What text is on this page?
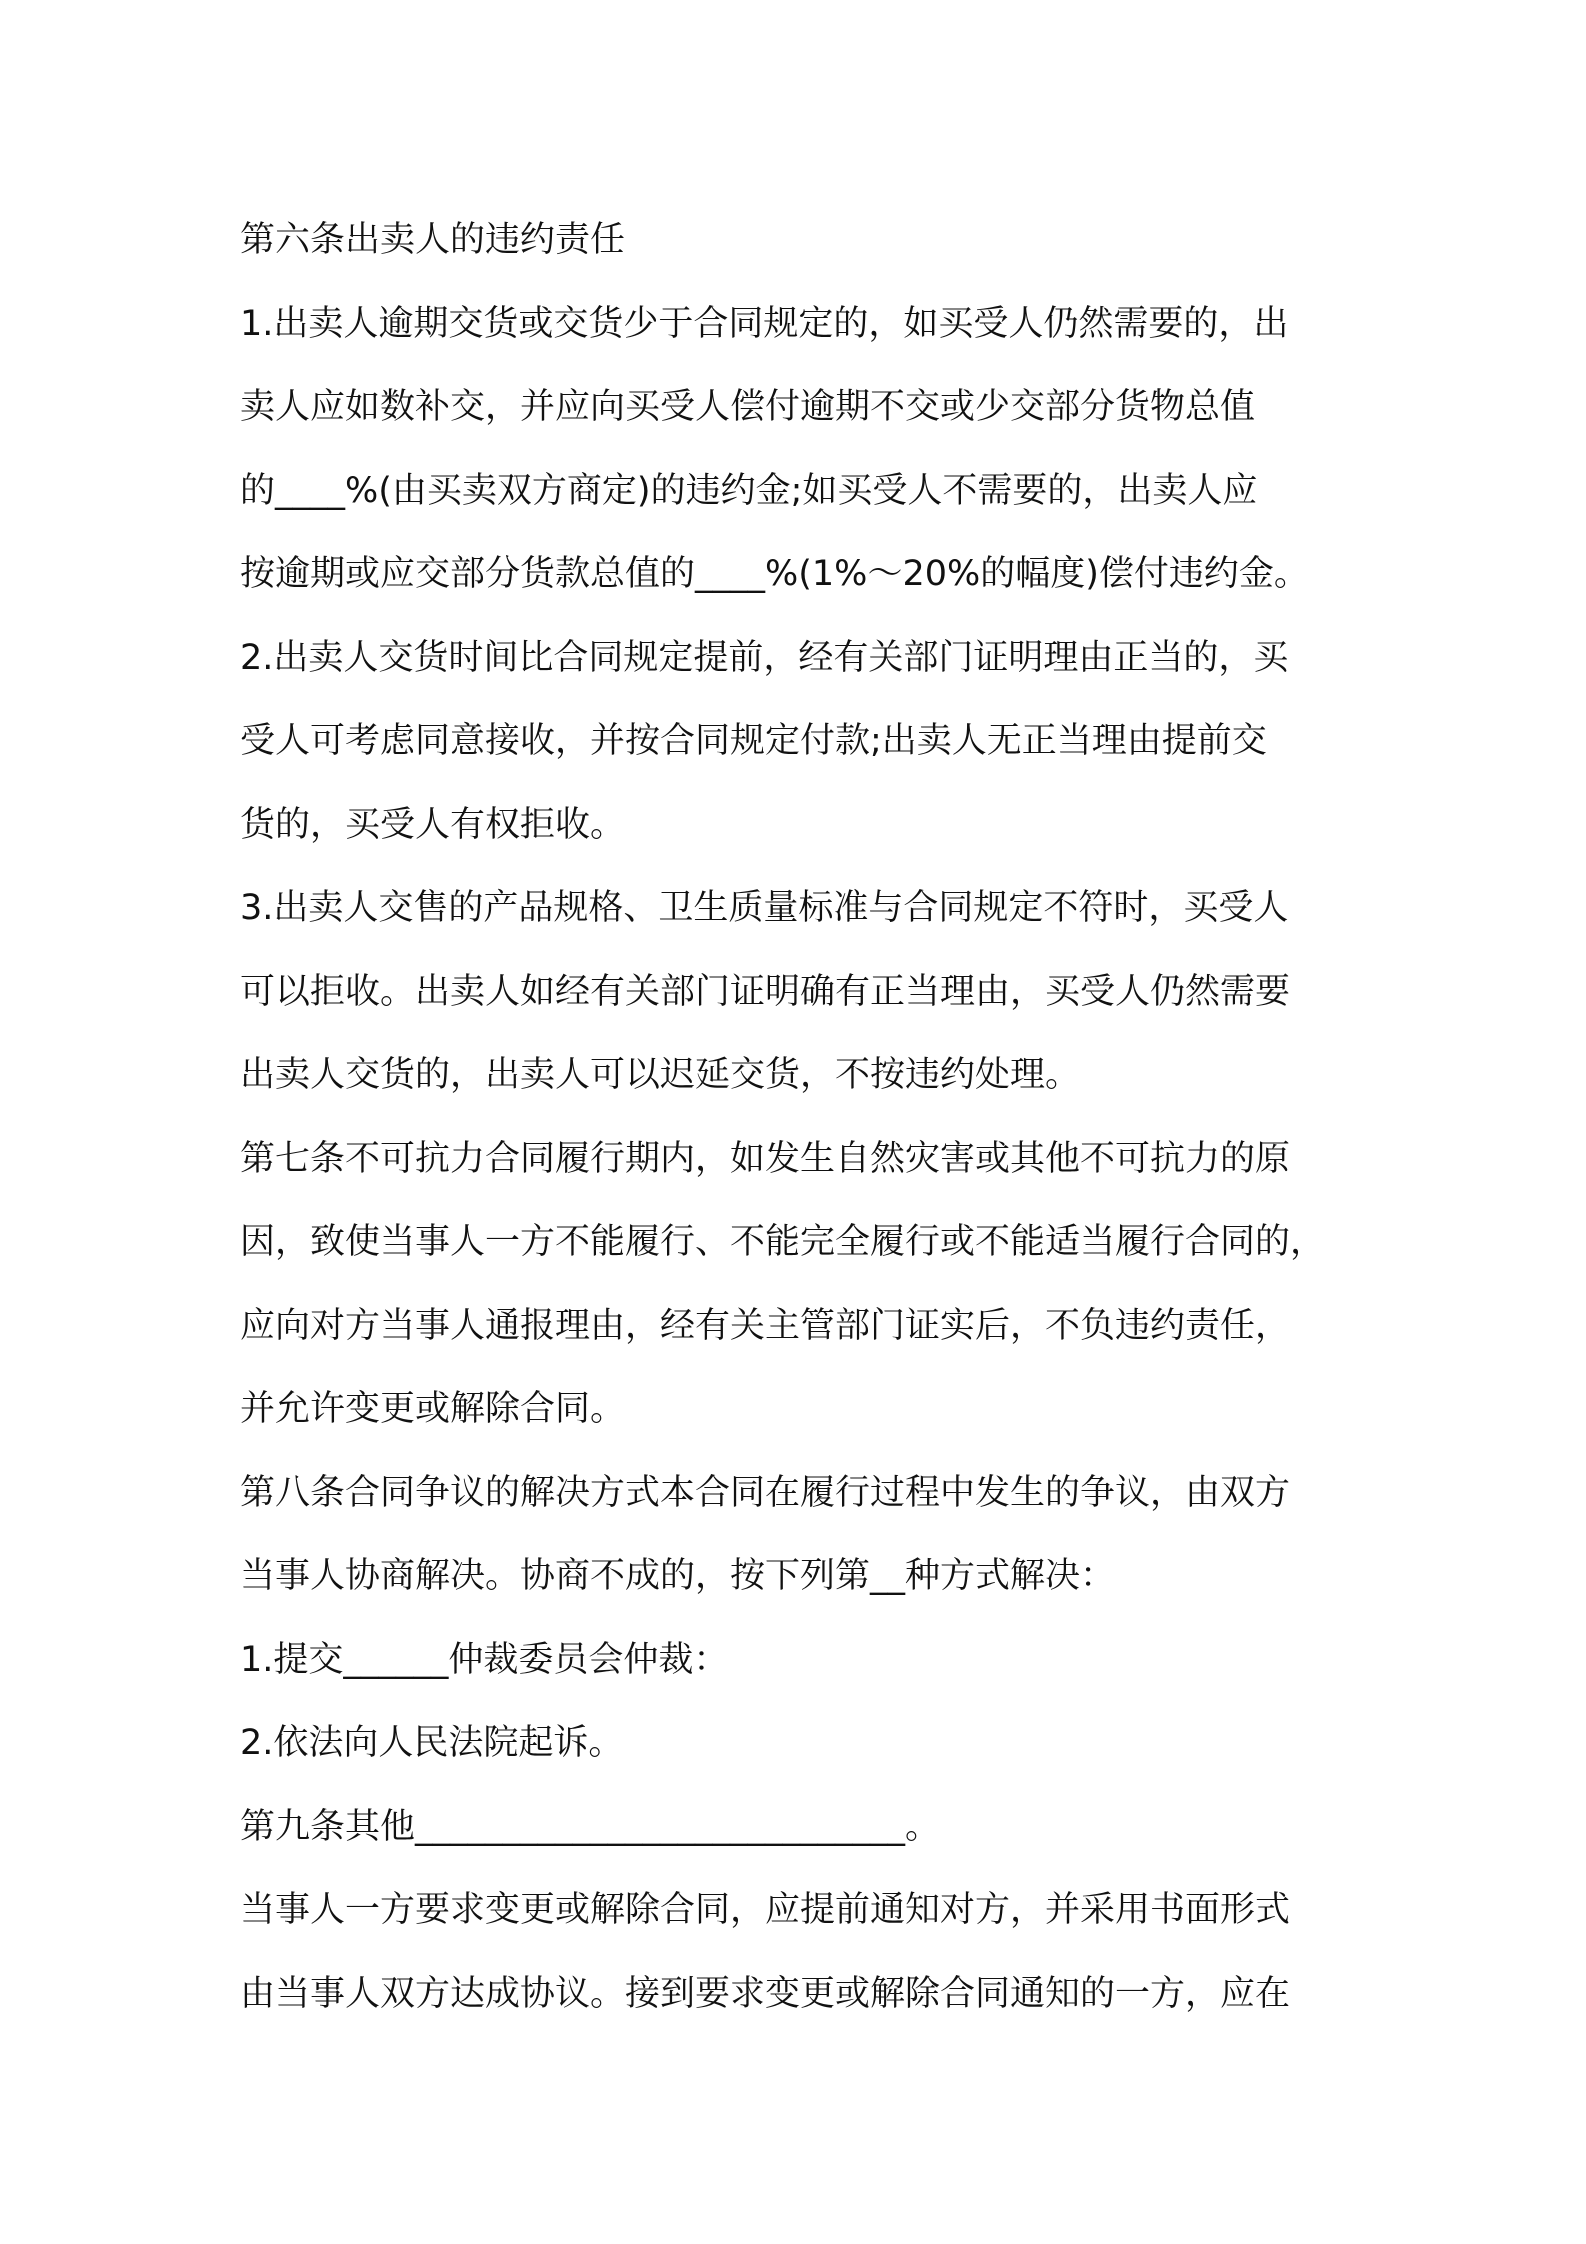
第六条出卖人的违约责任
1.出卖人逾期交货或交货少于合同规定的，如买受人仍然需要的，出
卖人应如数补交，并应向买受人偿付逾期不交或少交部分货物总值
的____%(由买卖双方商定)的违约金;如买受人不需要的，出卖人应
按逾期或应交部分货款总值的____%(1%～20%的幅度)偿付违约金。
2.出卖人交货时间比合同规定提前，经有关部门证明理由正当的，买
受人可考虑同意接收，并按合同规定付款;出卖人无正当理由提前交
货的，买受人有权拒收。
3.出卖人交售的产品规格、卫生质量标准与合同规定不符时，买受人
可以拒收。出卖人如经有关部门证明确有正当理由，买受人仍然需要
出卖人交货的，出卖人可以迟延交货，不按违约处理。
第七条不可抗力合同履行期内，如发生自然灾害或其他不可抗力的原
因，致使当事人一方不能履行、不能完全履行或不能适当履行合同的，
应向对方当事人通报理由，经有关主管部门证实后，不负违约责任，
并允许变更或解除合同。
第八条合同争议的解决方式本合同在履行过程中发生的争议，由双方
当事人协商解决。协商不成的，按下列第__种方式解决：
1.提交______仲裁委员会仲裁：
2.依法向人民法院起诉。
第九条其他____________________________。
当事人一方要求变更或解除合同，应提前通知对方，并采用书面形式
由当事人双方达成协议。接到要求变更或解除合同通知的一方，应在
